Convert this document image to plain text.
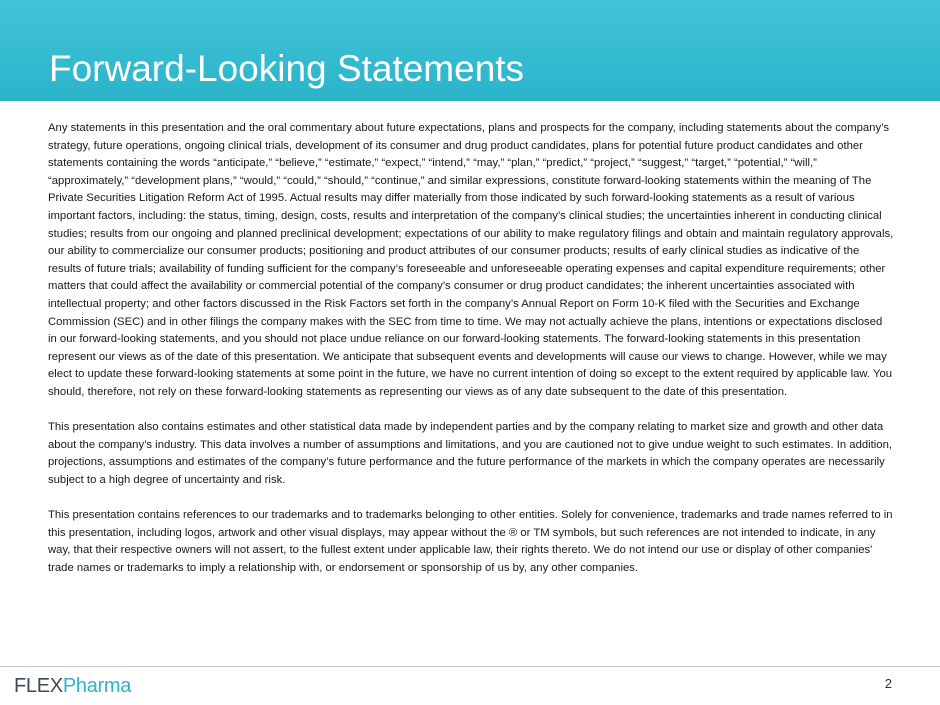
Forward-Looking Statements

Any statements in this presentation and the oral commentary about future expectations, plans and prospects for the company, including statements about the company’s strategy, future operations, ongoing clinical trials, development of its consumer and drug product candidates, plans for potential future product candidates and other statements containing the words “anticipate,” “believe,” “estimate,” “expect,” “intend,” “may,” “plan,” “predict,” “project,” “suggest,” “target,” “potential,” “will,” “approximately,” “development plans,” “would,” “could,” “should,” “continue,” and similar expressions, constitute forward-looking statements within the meaning of The Private Securities Litigation Reform Act of 1995. Actual results may differ materially from those indicated by such forward-looking statements as a result of various important factors, including: the status, timing, design, costs, results and interpretation of the company’s clinical studies; the uncertainties inherent in conducting clinical studies; results from our ongoing and planned preclinical development; expectations of our ability to make regulatory filings and obtain and maintain regulatory approvals, our ability to commercialize our consumer products; positioning and product attributes of our consumer products; results of early clinical studies as indicative of the results of future trials; availability of funding sufficient for the company’s foreseeable and unforeseeable operating expenses and capital expenditure requirements; other matters that could affect the availability or commercial potential of the company’s consumer or drug product candidates; the inherent uncertainties associated with intellectual property; and other factors discussed in the Risk Factors set forth in the company’s Annual Report on Form 10-K filed with the Securities and Exchange Commission (SEC) and in other filings the company makes with the SEC from time to time. We may not actually achieve the plans, intentions or expectations disclosed in our forward-looking statements, and you should not place undue reliance on our forward-looking statements. The forward-looking statements in this presentation represent our views as of the date of this presentation. We anticipate that subsequent events and developments will cause our views to change. However, while we may elect to update these forward-looking statements at some point in the future, we have no current intention of doing so except to the extent required by applicable law. You should, therefore, not rely on these forward-looking statements as representing our views as of any date subsequent to the date of this presentation.

This presentation also contains estimates and other statistical data made by independent parties and by the company relating to market size and growth and other data about the company’s industry. This data involves a number of assumptions and limitations, and you are cautioned not to give undue weight to such estimates. In addition, projections, assumptions and estimates of the company’s future performance and the future performance of the markets in which the company operates are necessarily subject to a high degree of uncertainty and risk.

This presentation contains references to our trademarks and to trademarks belonging to other entities. Solely for convenience, trademarks and trade names referred to in this presentation, including logos, artwork and other visual displays, may appear without the ® or TM symbols, but such references are not intended to indicate, in any way, that their respective owners will not assert, to the fullest extent under applicable law, their rights thereto. We do not intend our use or display of other companies' trade names or trademarks to imply a relationship with, or endorsement or sponsorship of us by, any other companies.

FLEXPharma	2
